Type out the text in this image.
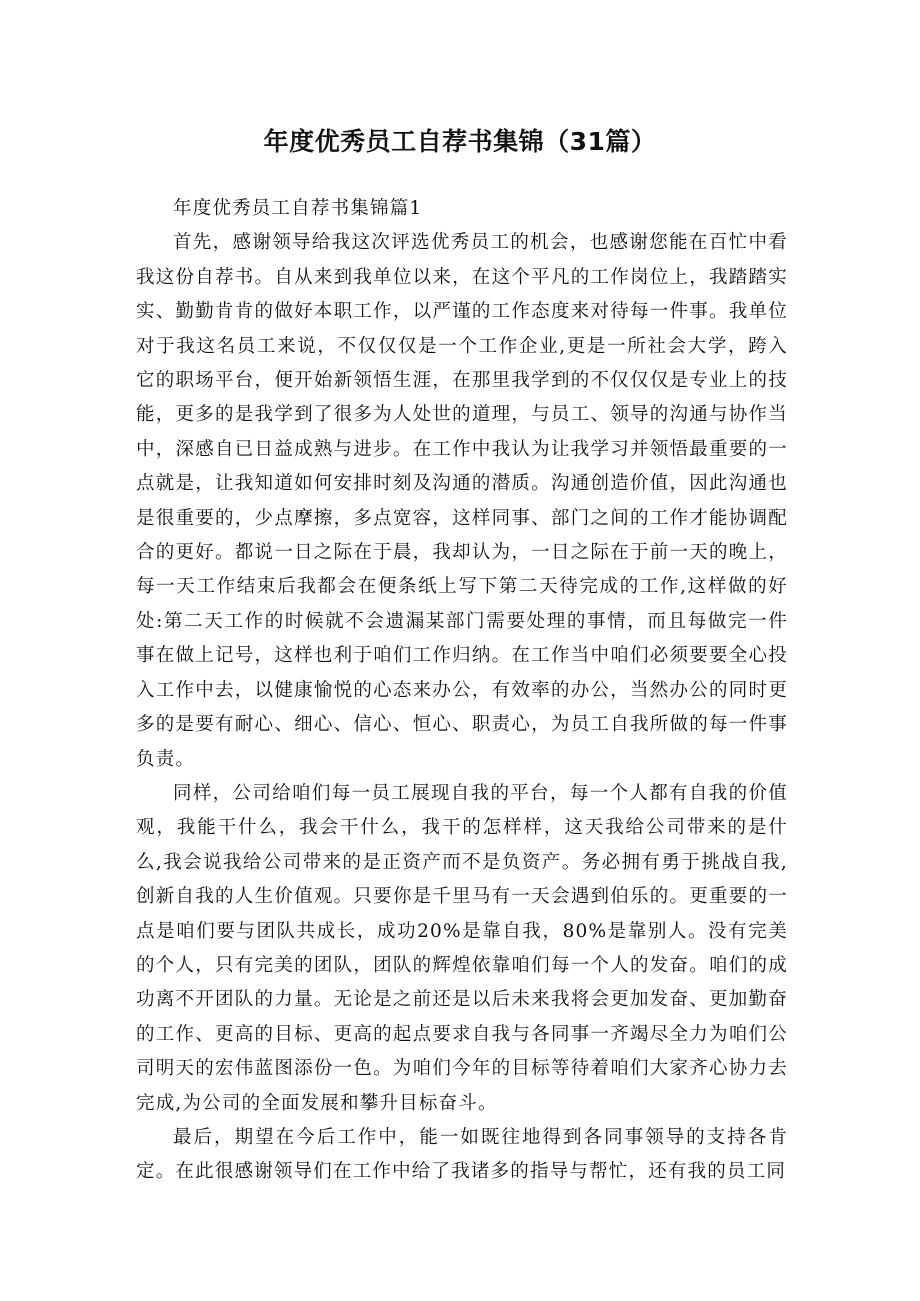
年度优秀员工自荐书集锦（31篇）

年度优秀员工自荐书集锦篇1

首先，感谢领导给我这次评选优秀员工的机会，也感谢您能在百忙中看我这份自荐书。自从来到我单位以来，在这个平凡的工作岗位上，我踏踏实实、勤勤肯肯的做好本职工作，以严谨的工作态度来对待每一件事。我单位对于我这名员工来说，不仅仅仅是一个工作企业,更是一所社会大学，跨入它的职场平台，便开始新领悟生涯，在那里我学到的不仅仅仅是专业上的技能，更多的是我学到了很多为人处世的道理，与员工、领导的沟通与协作当中，深感自已日益成熟与进步。在工作中我认为让我学习并领悟最重要的一点就是，让我知道如何安排时刻及沟通的潜质。沟通创造价值，因此沟通也是很重要的，少点摩擦，多点宽容，这样同事、部门之间的工作才能协调配合的更好。都说一日之际在于晨，我却认为，一日之际在于前一天的晚上，每一天工作结束后我都会在便条纸上写下第二天待完成的工作,这样做的好处:第二天工作的时候就不会遗漏某部门需要处理的事情，而且每做完一件事在做上记号，这样也利于咱们工作归纳。在工作当中咱们必须要要全心投入工作中去，以健康愉悦的心态来办公，有效率的办公，当然办公的同时更多的是要有耐心、细心、信心、恒心、职责心，为员工自我所做的每一件事负责。

同样，公司给咱们每一员工展现自我的平台，每一个人都有自我的价值观，我能干什么，我会干什么，我干的怎样样，这天我给公司带来的是什么,我会说我给公司带来的是正资产而不是负资产。务必拥有勇于挑战自我,创新自我的人生价值观。只要你是千里马有一天会遇到伯乐的。更重要的一点是咱们要与团队共成长，成功20%是靠自我，80%是靠别人。没有完美的个人，只有完美的团队，团队的辉煌依靠咱们每一个人的发奋。咱们的成功离不开团队的力量。无论是之前还是以后未来我将会更加发奋、更加勤奋的工作、更高的目标、更高的起点要求自我与各同事一齐竭尽全力为咱们公司明天的宏伟蓝图添份一色。为咱们今年的目标等待着咱们大家齐心协力去完成,为公司的全面发展和攀升目标奋斗。

最后，期望在今后工作中，能一如既往地得到各同事领导的支持各肯定。在此很感谢领导们在工作中给了我诸多的指导与帮忙，还有我的员工同
